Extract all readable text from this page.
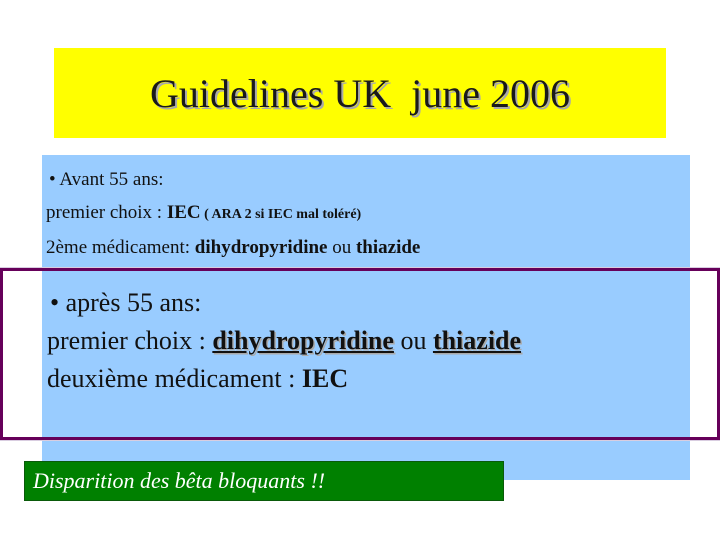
Guidelines UK  june 2006
• Avant 55 ans:
premier choix : IEC ( ARA 2 si IEC mal toléré)
2ème médicament: dihydropyridine ou thiazide
• après 55 ans:
premier choix : dihydropyridine ou thiazide
deuxième médicament : IEC
Disparition des bêta bloquants !!
